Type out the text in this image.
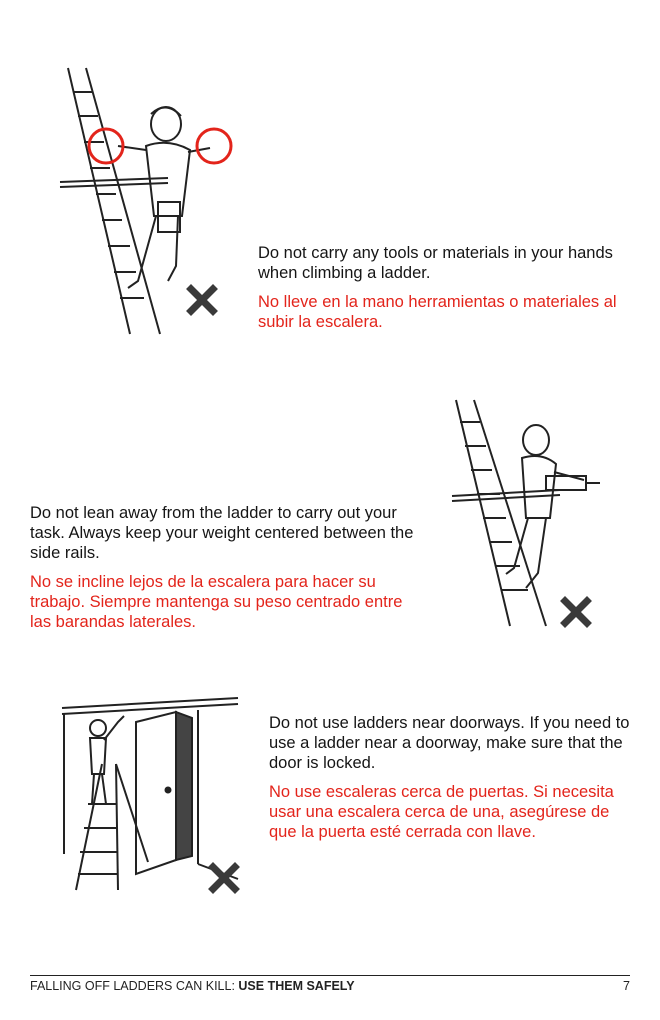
Do not carry any tools or materials in your hands when climbing a ladder.

No lleve en la mano herramientas o materiales al subir la escalera.

Do not lean away from the ladder to carry out your task. Always keep your weight centered between the side rails.

No se incline lejos de la escalera para hacer su trabajo. Siempre mantenga su peso centrado entre las barandas laterales.

Do not use ladders near doorways. If you need to use a ladder near a doorway, make sure that the door is locked.

No use escaleras cerca de puertas. Si necesita usar una escalera cerca de una, asegúrese de que la puerta esté cerrada con llave.

FALLING OFF LADDERS CAN KILL: USE THEM SAFELY	7
